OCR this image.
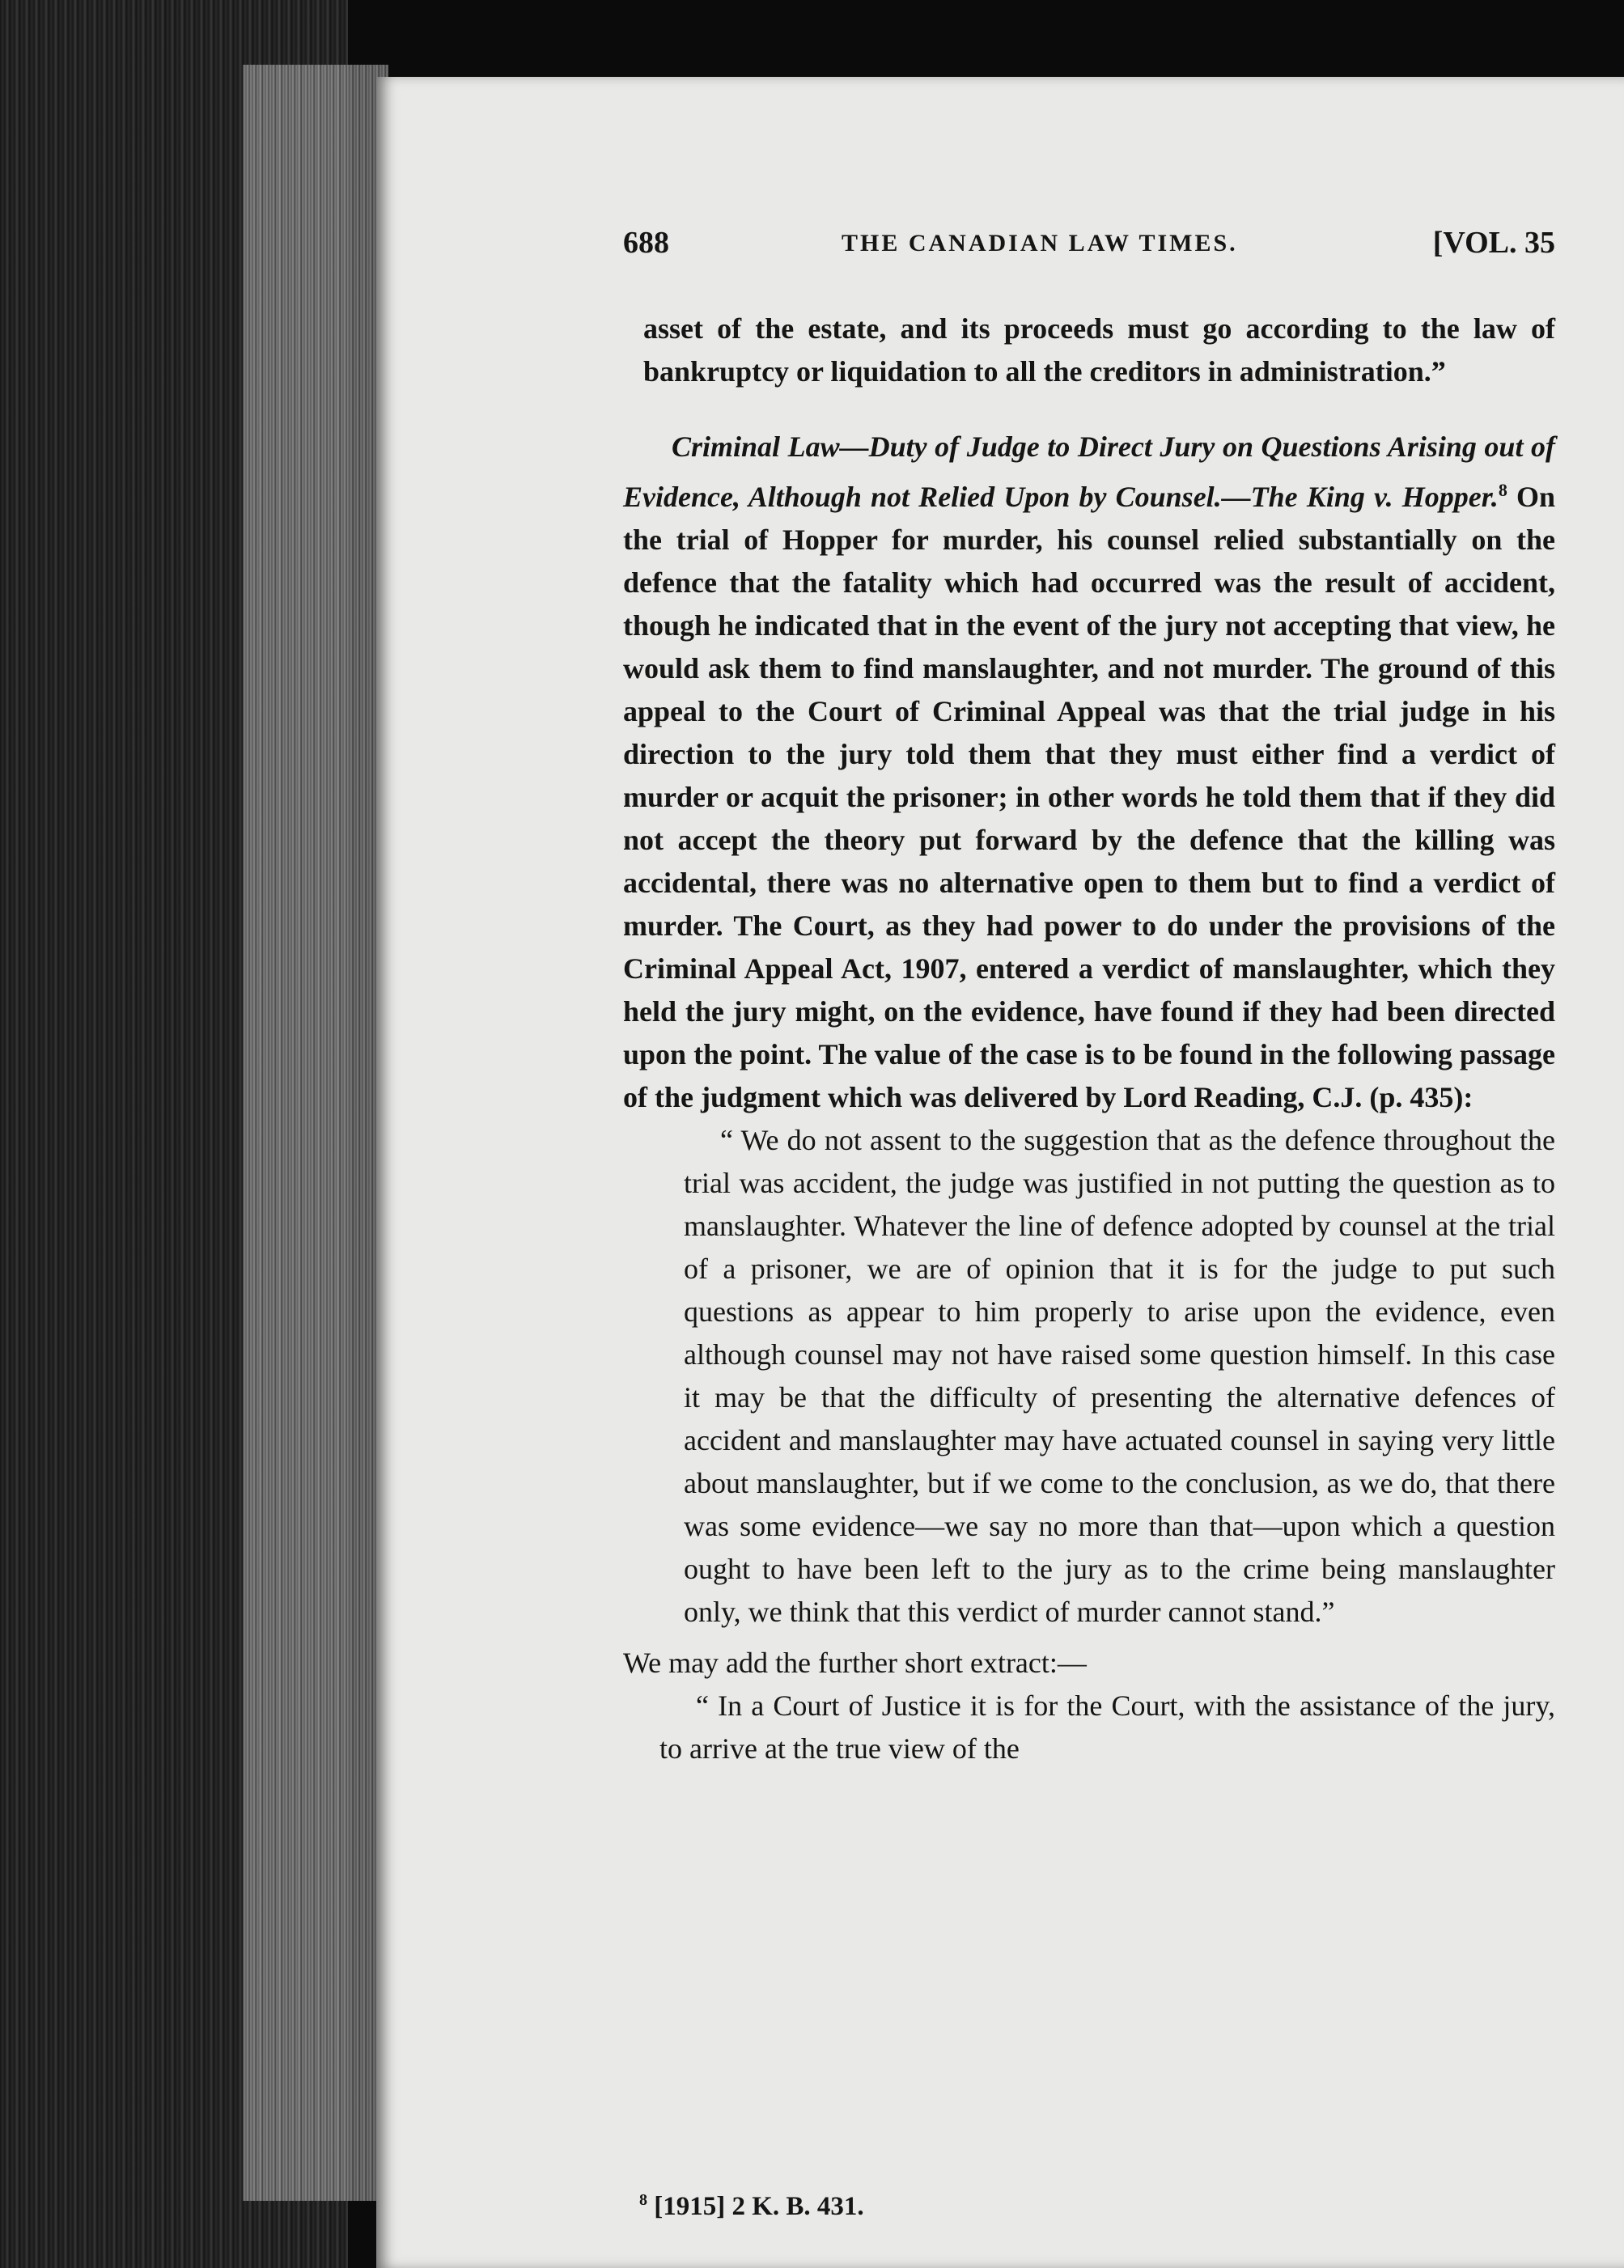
688	THE CANADIAN LAW TIMES.	[VOL. 35

asset of the estate, and its proceeds must go according to the law of bankruptcy or liquidation to all the creditors in administration.”

Criminal Law—Duty of Judge to Direct Jury on Questions Arising out of Evidence, Although not Relied Upon by Counsel.—The King v. Hopper.$^8$ On the trial of Hopper for murder, his counsel relied substantially on the defence that the fatality which had occurred was the result of accident, though he indicated that in the event of the jury not accepting that view, he would ask them to find manslaughter, and not murder. The ground of this appeal to the Court of Criminal Appeal was that the trial judge in his direction to the jury told them that they must either find a verdict of murder or acquit the prisoner; in other words he told them that if they did not accept the theory put forward by the defence that the killing was accidental, there was no alternative open to them but to find a verdict of murder. The Court, as they had power to do under the provisions of the Criminal Appeal Act, 1907, entered a verdict of manslaughter, which they held the jury might, on the evidence, have found if they had been directed upon the point. The value of the case is to be found in the following passage of the judgment which was delivered by Lord Reading, C.J. (p. 435):

“ We do not assent to the suggestion that as the defence throughout the trial was accident, the judge was justified in not putting the question as to manslaughter. Whatever the line of defence adopted by counsel at the trial of a prisoner, we are of opinion that it is for the judge to put such questions as appear to him properly to arise upon the evidence, even although counsel may not have raised some question himself. In this case it may be that the difficulty of presenting the alternative defences of accident and manslaughter may have actuated counsel in saying very little about manslaughter, but if we come to the conclusion, as we do, that there was some evidence—we say no more than that—upon which a question ought to have been left to the jury as to the crime being manslaughter only, we think that this verdict of murder cannot stand.”

We may add the further short extract:—

“ In a Court of Justice it is for the Court, with the assistance of the jury, to arrive at the true view of the

$^8$ [1915] 2 K. B. 431.
